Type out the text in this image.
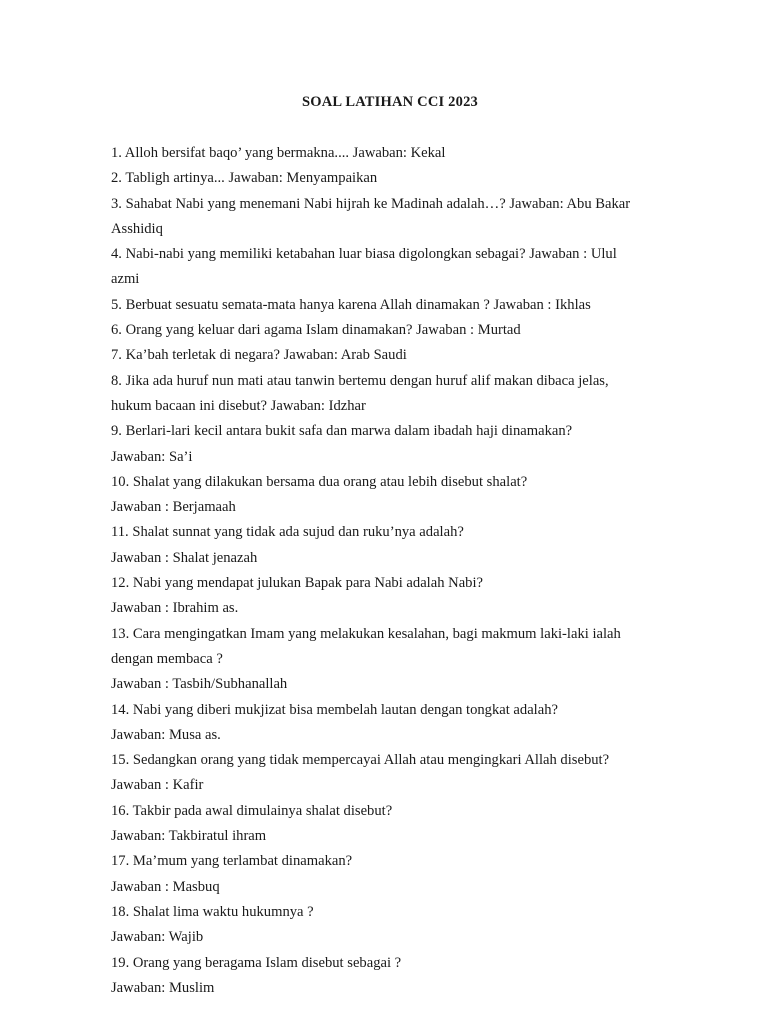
SOAL LATIHAN CCI 2023
1. Alloh bersifat baqo’ yang bermakna.... Jawaban: Kekal
2. Tabligh artinya... Jawaban: Menyampaikan
3. Sahabat Nabi yang menemani Nabi hijrah ke Madinah adalah…? Jawaban: Abu Bakar
Asshidiq
4. Nabi-nabi yang memiliki ketabahan luar biasa digolongkan sebagai? Jawaban : Ulul
azmi
5. Berbuat sesuatu semata-mata hanya karena Allah dinamakan ? Jawaban : Ikhlas
6. Orang yang keluar dari agama Islam dinamakan? Jawaban : Murtad
7. Ka’bah terletak di negara? Jawaban: Arab Saudi
8. Jika ada huruf nun mati atau tanwin bertemu dengan huruf alif makan dibaca jelas,
hukum bacaan ini disebut? Jawaban: Idzhar
9. Berlari-lari kecil antara bukit safa dan marwa dalam ibadah haji dinamakan?
Jawaban: Sa’i
10. Shalat yang dilakukan bersama dua orang atau lebih disebut shalat?
Jawaban : Berjamaah
11. Shalat sunnat yang tidak ada sujud dan ruku’nya adalah?
Jawaban : Shalat jenazah
12. Nabi yang mendapat julukan Bapak para Nabi adalah Nabi?
Jawaban : Ibrahim as.
13. Cara mengingatkan Imam yang melakukan kesalahan, bagi makmum laki-laki ialah
dengan membaca ?
Jawaban : Tasbih/Subhanallah
14. Nabi yang diberi mukjizat bisa membelah lautan dengan tongkat adalah?
Jawaban: Musa as.
15. Sedangkan orang yang tidak mempercayai Allah atau mengingkari Allah disebut?
Jawaban : Kafir
16. Takbir pada awal dimulainya shalat disebut?
Jawaban: Takbiratul ihram
17. Ma’mum yang terlambat dinamakan?
Jawaban : Masbuq
18. Shalat lima waktu hukumnya ?
Jawaban: Wajib
19. Orang yang beragama Islam disebut sebagai ?
Jawaban: Muslim
